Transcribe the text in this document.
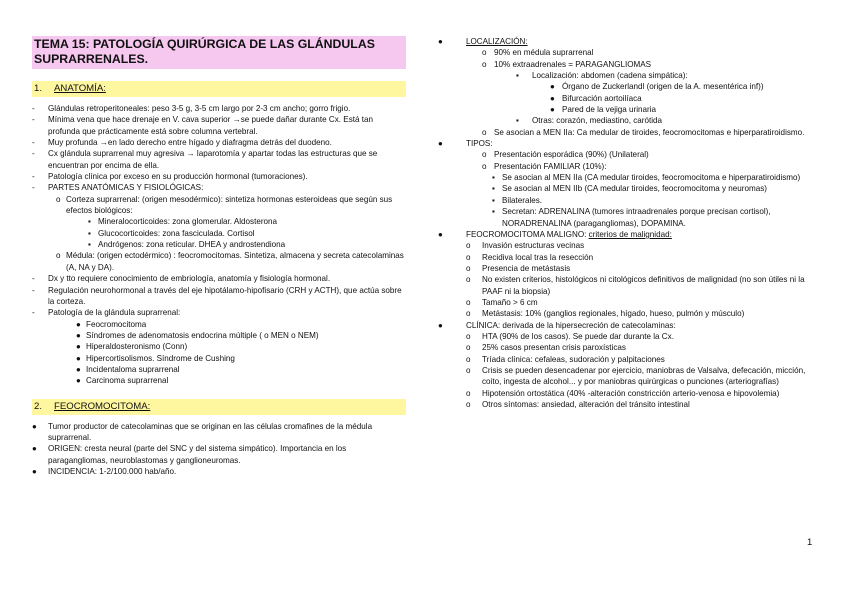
TEMA 15: PATOLOGÍA QUIRÚRGICA DE LAS GLÁNDULAS SUPRARRENALES.
1. ANATOMÍA:
- Glándulas retroperitoneales: peso 3-5 g, 3-5 cm largo por 2-3 cm ancho; gorro frigio.
- Mínima vena que hace drenaje en V. cava superior →se puede dañar durante Cx. Está tan profunda que prácticamente está sobre columna vertebral.
- Muy profunda →en lado derecho entre hígado y diafragma detrás del duodeno.
- Cx glándula suprarrenal muy agresiva → laparotomía y apartar todas las estructuras que se encuentran por encima de ella.
- Patología clínica por exceso en su producción hormonal (tumoraciones).
- PARTES ANATÓMICAS Y FISIOLÓGICAS:
o Corteza suprarrenal: (origen mesodérmico): sintetiza hormonas esteroideas que según sus efectos biológicos:
▪ Mineralocorticoides: zona glomerular. Aldosterona
▪ Glucocorticoides: zona fasciculada. Cortisol
▪ Andrógenos: zona reticular. DHEA y androstendiona
o Médula: (origen ectodérmico) : feocromocitomas. Sintetiza, almacena y secreta catecolaminas (A, NA y DA).
- Dx y tto requiere conocimiento de embriología, anatomía y fisiología hormonal.
- Regulación neurohormonal a través del eje hipotálamo-hipofisario (CRH y ACTH), que actúa sobre la corteza.
- Patología de la glándula suprarrenal:
● Feocromocitoma
● Síndromes de adenomatosis endocrina múltiple ( o MEN o NEM)
● Hiperaldosteronismo (Conn)
● Hipercortisolismos. Síndrome de Cushing
● Incidentaloma suprarrenal
● Carcinoma suprarrenal
2. FEOCROMOCITOMA:
● Tumor productor de catecolaminas que se originan en las células cromafines de la médula suprarrenal.
● ORIGEN: cresta neural (parte del SNC y del sistema simpático). Importancia en los paragangliomas, neuroblastomas y ganglioneuromas.
● INCIDENCIA: 1-2/100.000 hab/año.
●	LOCALIZACIÓN:
o 90% en médula suprarrenal
o 10% extraadrenales = PARAGANGLIOMAS
▪ Localización: abdomen (cadena simpática):
● Órgano de Zuckerlandl (origen de la A. mesentérica inf))
● Bifurcación aortoilíaca
● Pared de la vejiga urinaria
▪ Otras: corazón, mediastino, carótida
o Se asocian a MEN IIa: Ca medular de tiroides, feocromocitomas e hiperparatiroidismo.
●	TIPOS:
o Presentación esporádica (90%) (Unilateral)
o Presentación FAMILIAR (10%):
▪ Se asocian al MEN IIa (CA medular tiroides, feocromocitoma e hiperparatiroidismo)
▪ Se asocian al MEN IIb (CA medular tiroides, feocromocitoma y neuromas)
▪ Bilaterales.
▪ Secretan: ADRENALINA (tumores intraadrenales porque precisan cortisol), NORADRENALINA (paragangliomas), DOPAMINA.
●	FEOCROMOCITOMA MALIGNO: criterios de malignidad:
o Invasión estructuras vecinas
o Recidiva local tras la resección
o Presencia de metástasis
o No existen criterios, histológicos ni citológicos definitivos de malignidad (no son útiles ni la PAAF ni la biopsia)
o Tamaño > 6 cm
o Metástasis: 10% (ganglios regionales, hígado, hueso, pulmón y músculo)
●	CLÍNICA: derivada de la hipersecreción de catecolaminas:
o HTA (90% de los casos). Se puede dar durante la Cx.
o 25% casos presentan crisis paroxísticas
o Tríada clínica: cefaleas, sudoración y palpitaciones
o Crisis se pueden desencadenar por ejercicio, maniobras de Valsalva, defecación, micción, coito, ingesta de alcohol... y por maniobras quirúrgicas o punciones (arteriografías)
o Hipotensión ortostática (40% -alteración constricción arterio-venosa e hipovolemia)
o Otros síntomas: ansiedad, alteración del tránsito intestinal
1
